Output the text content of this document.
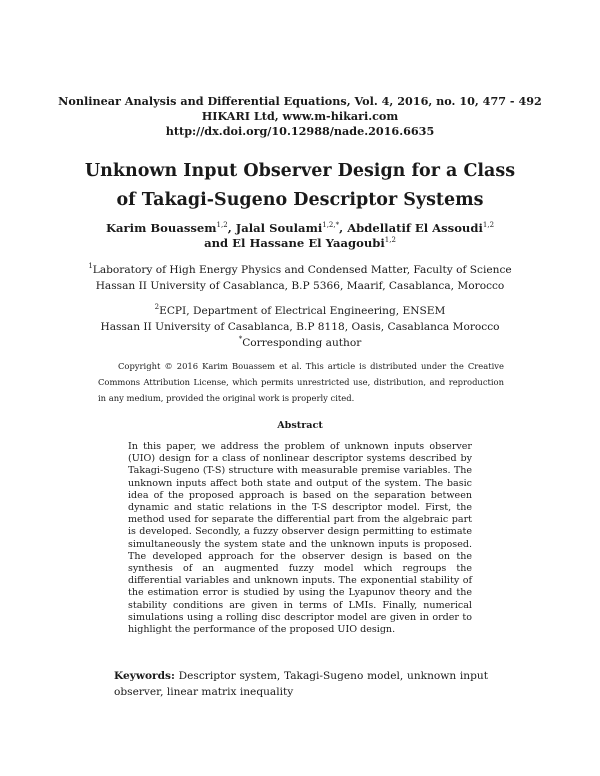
Nonlinear Analysis and Differential Equations, Vol. 4, 2016, no. 10, 477 - 492
HIKARI Ltd, www.m-hikari.com
http://dx.doi.org/10.12988/nade.2016.6635
Unknown Input Observer Design for a Class
of Takagi-Sugeno Descriptor Systems
Karim Bouassem$^{1,2}$, Jalal Soulami$^{1,2,*}$, Abdellatif El Assoudi$^{1,2}$
and El Hassane El Yaagoubi$^{1,2}$
$^1$Laboratory of High Energy Physics and Condensed Matter, Faculty of Science
Hassan II University of Casablanca, B.P 5366, Maarif, Casablanca, Morocco
$^2$ECPI, Department of Electrical Engineering, ENSEM
Hassan II University of Casablanca, B.P 8118, Oasis, Casablanca Morocco
*Corresponding author
Copyright © 2016 Karim Bouassem et al. This article is distributed under the Creative Commons Attribution License, which permits unrestricted use, distribution, and reproduction in any medium, provided the original work is properly cited.
Abstract
In this paper, we address the problem of unknown inputs observer (UIO) design for a class of nonlinear descriptor systems described by Takagi-Sugeno (T-S) structure with measurable premise variables. The unknown inputs affect both state and output of the system. The basic idea of the proposed approach is based on the separation between dynamic and static relations in the T-S descriptor model. First, the method used for separate the differential part from the algebraic part is developed. Secondly, a fuzzy observer design permitting to estimate simultaneously the system state and the unknown inputs is proposed. The developed approach for the observer design is based on the synthesis of an augmented fuzzy model which regroups the differential variables and unknown inputs. The exponential stability of the estimation error is studied by using the Lyapunov theory and the stability conditions are given in terms of LMIs. Finally, numerical simulations using a rolling disc descriptor model are given in order to highlight the performance of the proposed UIO design.
Keywords: Descriptor system, Takagi-Sugeno model, unknown input observer, linear matrix inequality
